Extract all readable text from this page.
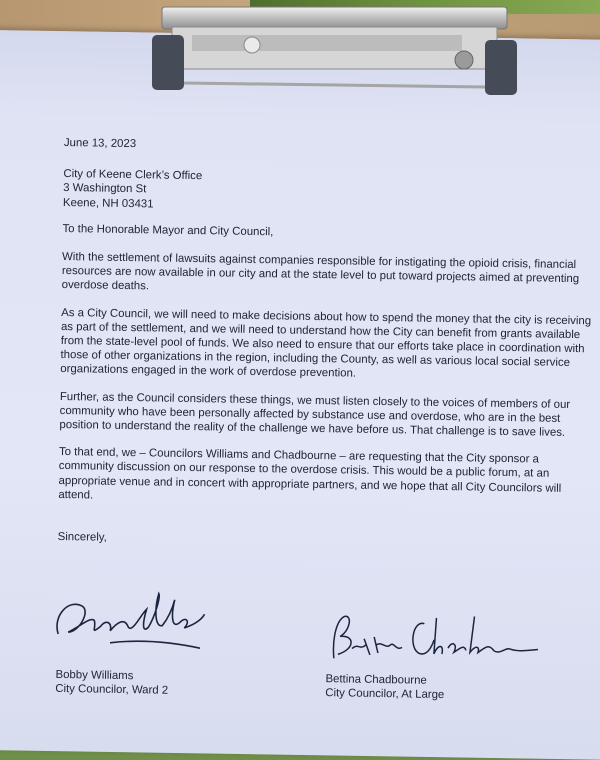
June 13, 2023

City of Keene Clerk’s Office

3 Washington St

Keene, NH 03431

To the Honorable Mayor and City Council,

With the settlement of lawsuits against companies responsible for instigating the opioid crisis, financial resources are now available in our city and at the state level to put toward projects aimed at preventing overdose deaths.

As a City Council, we will need to make decisions about how to spend the money that the city is receiving as part of the settlement, and we will need to understand how the City can benefit from grants available from the state-level pool of funds. We also need to ensure that our efforts take place in coordination with those of other organizations in the region, including the County, as well as various local social service organizations engaged in the work of overdose prevention.

Further, as the Council considers these things, we must listen closely to the voices of members of our community who have been personally affected by substance use and overdose, who are in the best position to understand the reality of the challenge we have before us. That challenge is to save lives.

To that end, we – Councilors Williams and Chadbourne – are requesting that the City sponsor a community discussion on our response to the overdose crisis. This would be a public forum, at an appropriate venue and in concert with appropriate partners, and we hope that all City Councilors will attend.

Sincerely,

Bobby Williams

City Councilor, Ward 2

Bettina Chadbourne

City Councilor, At Large
